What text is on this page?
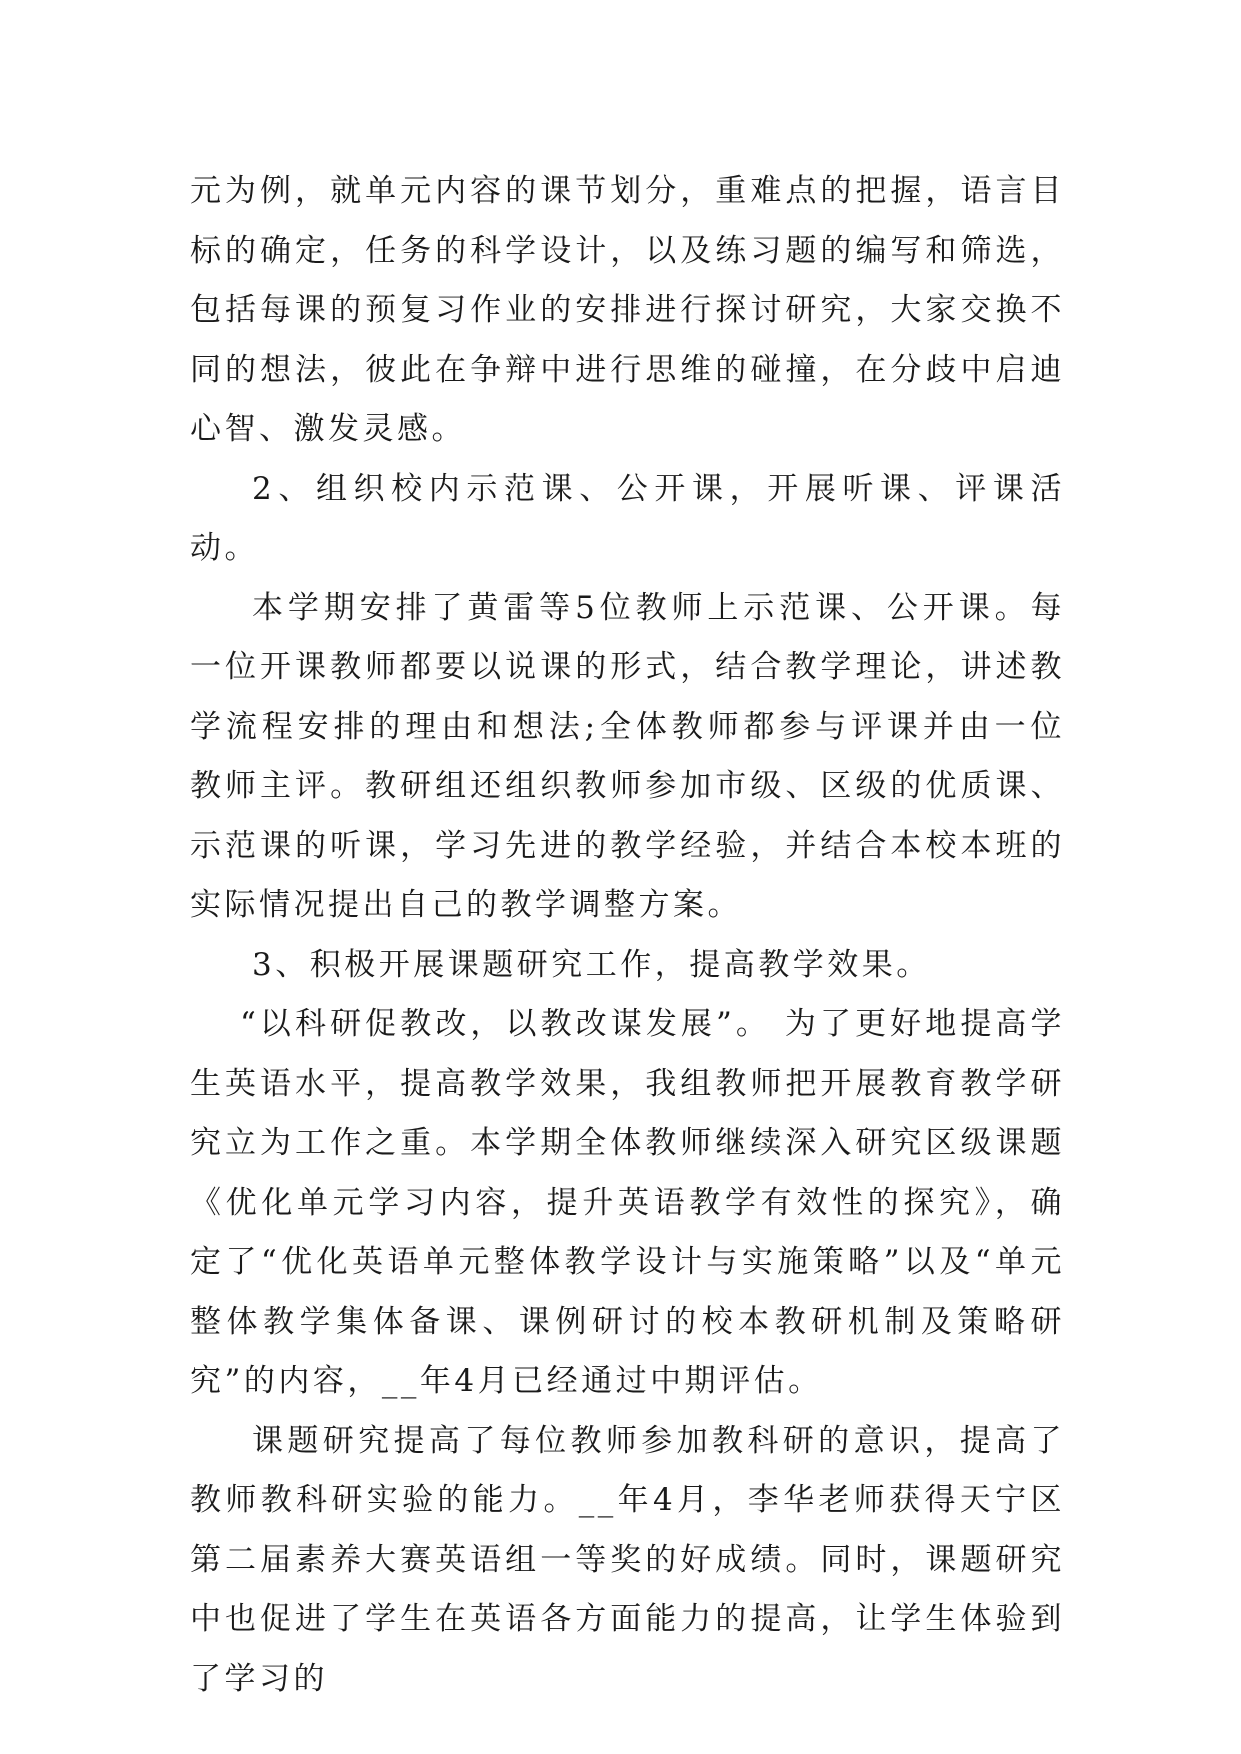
元为例，就单元内容的课节划分，重难点的把握，语言目标的确定，任务的科学设计，以及练习题的编写和筛选，包括每课的预复习作业的安排进行探讨研究，大家交换不同的想法，彼此在争辩中进行思维的碰撞，在分歧中启迪心智、激发灵感。

2、组织校内示范课、公开课，开展听课、评课活动。

本学期安排了黄雷等5位教师上示范课、公开课。每一位开课教师都要以说课的形式，结合教学理论，讲述教学流程安排的理由和想法;全体教师都参与评课并由一位教师主评。教研组还组织教师参加市级、区级的优质课、示范课的听课，学习先进的教学经验，并结合本校本班的实际情况提出自己的教学调整方案。

3、积极开展课题研究工作，提高教学效果。

“以科研促教改，以教改谋发展”。 为了更好地提高学生英语水平，提高教学效果，我组教师把开展教育教学研究立为工作之重。本学期全体教师继续深入研究区级课题《优化单元学习内容，提升英语教学有效性的探究》，确定了“优化英语单元整体教学设计与实施策略”以及“单元整体教学集体备课、课例研讨的校本教研机制及策略研究”的内容，__年4月已经通过中期评估。

课题研究提高了每位教师参加教科研的意识，提高了教师教科研实验的能力。__年4月，李华老师获得天宁区第二届素养大赛英语组一等奖的好成绩。同时，课题研究中也促进了学生在英语各方面能力的提高，让学生体验到了学习的
